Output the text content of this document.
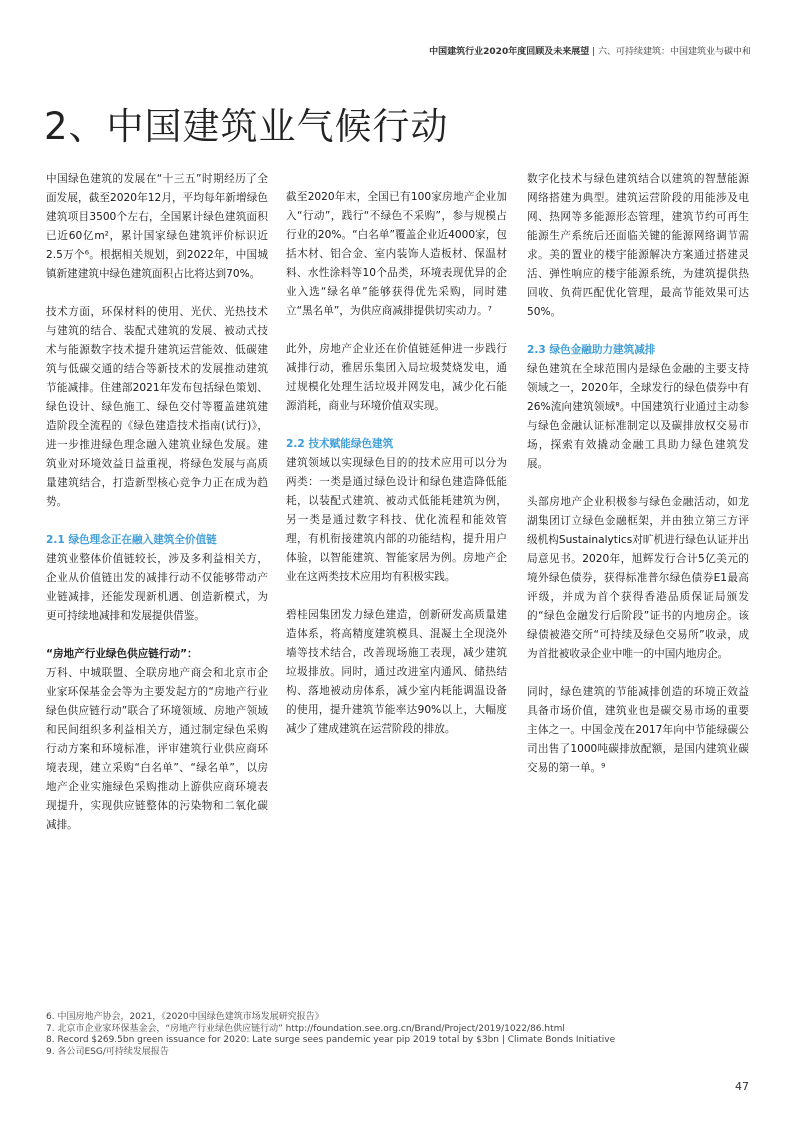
中国建筑行业2020年度回顾及未来展望 | 六、可持续建筑：中国建筑业与碳中和
2、中国建筑业气候行动

中国绿色建筑的发展在“十三五”时期经历了全面发展，截至2020年12月，平均每年新增绿色建筑项目3500个左右，全国累计绿色建筑面积已近60亿m²，累计国家绿色建筑评价标识近2.5万个⁶。根据相关规划，到2022年，中国城镇新建建筑中绿色建筑面积占比将达到70%。

技术方面，环保材料的使用、光伏、光热技术与建筑的结合、装配式建筑的发展、被动式技术与能源数字技术提升建筑运营能效、低碳建筑与低碳交通的结合等新技术的发展推动建筑节能减排。住建部2021年发布包括绿色策划、绿色设计、绿色施工、绿色交付等覆盖建筑建造阶段全流程的《绿色建造技术指南(试行)》，进一步推进绿色理念融入建筑业绿色发展。建筑业对环境效益日益重视，将绿色发展与高质量建筑结合，打造新型核心竞争力正在成为趋势。

2.1 绿色理念正在融入建筑全价值链

建筑业整体价值链较长，涉及多利益相关方，企业从价值链出发的减排行动不仅能够带动产业链减排，还能发现新机遇、创造新模式，为更可持续地减排和发展提供借鉴。

“房地产行业绿色供应链行动”：

万科、中城联盟、全联房地产商会和北京市企业家环保基金会等为主要发起方的“房地产行业绿色供应链行动”联合了环境领域、房地产领域和民间组织多利益相关方，通过制定绿色采购行动方案和环境标准，评审建筑行业供应商环境表现，建立采购“白名单”、“绿名单”，以房地产企业实施绿色采购推动上游供应商环境表现提升，实现供应链整体的污染物和二氧化碳减排。

截至2020年末，全国已有100家房地产企业加入“行动”，践行“不绿色不采购”，参与规模占行业的20%。“白名单”覆盖企业近4000家，包括木材、铝合金、室内装饰人造板材、保温材料、水性涂料等10个品类，环境表现优异的企业入选“绿名单”能够获得优先采购，同时建立“黑名单”，为供应商减排提供切实动力。⁷

此外，房地产企业还在价值链延伸进一步践行减排行动，雅居乐集团入局垃圾焚烧发电，通过规模化处理生活垃圾并网发电，减少化石能源消耗，商业与环境价值双实现。

2.2 技术赋能绿色建筑

建筑领域以实现绿色目的的技术应用可以分为两类：一类是通过绿色设计和绿色建造降低能耗，以装配式建筑、被动式低能耗建筑为例，另一类是通过数字科技、优化流程和能效管理，有机衔接建筑内部的功能结构，提升用户体验，以智能建筑、智能家居为例。房地产企业在这两类技术应用均有积极实践。

碧桂园集团发力绿色建造，创新研发高质量建造体系，将高精度建筑模具、混凝土全现浇外墙等技术结合，改善现场施工表现，减少建筑垃圾排放。同时，通过改进室内通风、储热结构、落地被动房体系，减少室内耗能调温设备的使用，提升建筑节能率达90%以上，大幅度减少了建成建筑在运营阶段的排放。

数字化技术与绿色建筑结合以建筑的智慧能源网络搭建为典型。建筑运营阶段的用能涉及电网、热网等多能源形态管理，建筑节约可再生能源生产系统后还面临关键的能源网络调节需求。美的置业的楼宇能源解决方案通过搭建灵活、弹性响应的楼宇能源系统，为建筑提供热回收、负荷匹配优化管理，最高节能效果可达50%。

2.3 绿色金融助力建筑减排

绿色建筑在全球范围内是绿色金融的主要支持领域之一，2020年，全球发行的绿色债券中有26%流向建筑领域⁸。中国建筑行业通过主动参与绿色金融认证标准制定以及碳排放权交易市场，探索有效撬动金融工具助力绿色建筑发展。

头部房地产企业积极参与绿色金融活动，如龙湖集团订立绿色金融框架，并由独立第三方评级机构Sustainalytics对旷机进行绿色认证并出局意见书。2020年，旭辉发行合计5亿美元的境外绿色债券，获得标准普尔绿色债券E1最高评级，并成为首个获得香港品质保证局颁发的“绿色金融发行后阶段”证书的内地房企。该绿债被港交所“可持续及绿色交易所”收录，成为首批被收录企业中唯一的中国内地房企。

同时，绿色建筑的节能减排创造的环境正效益具备市场价值，建筑业也是碳交易市场的重要主体之一。中国金茂在2017年向中节能绿碳公司出售了1000吨碳排放配额，是国内建筑业碳交易的第一单。⁹

6. 中国房地产协会，2021，《2020中国绿色建筑市场发展研究报告》
7. 北京市企业家环保基金会，“房地产行业绿色供应链行动” http://foundation.see.org.cn/Brand/Project/2019/1022/86.html
8. Record $269.5bn green issuance for 2020: Late surge sees pandemic year pip 2019 total by $3bn | Climate Bonds Initiative
9. 各公司ESG/可持续发展报告
47
